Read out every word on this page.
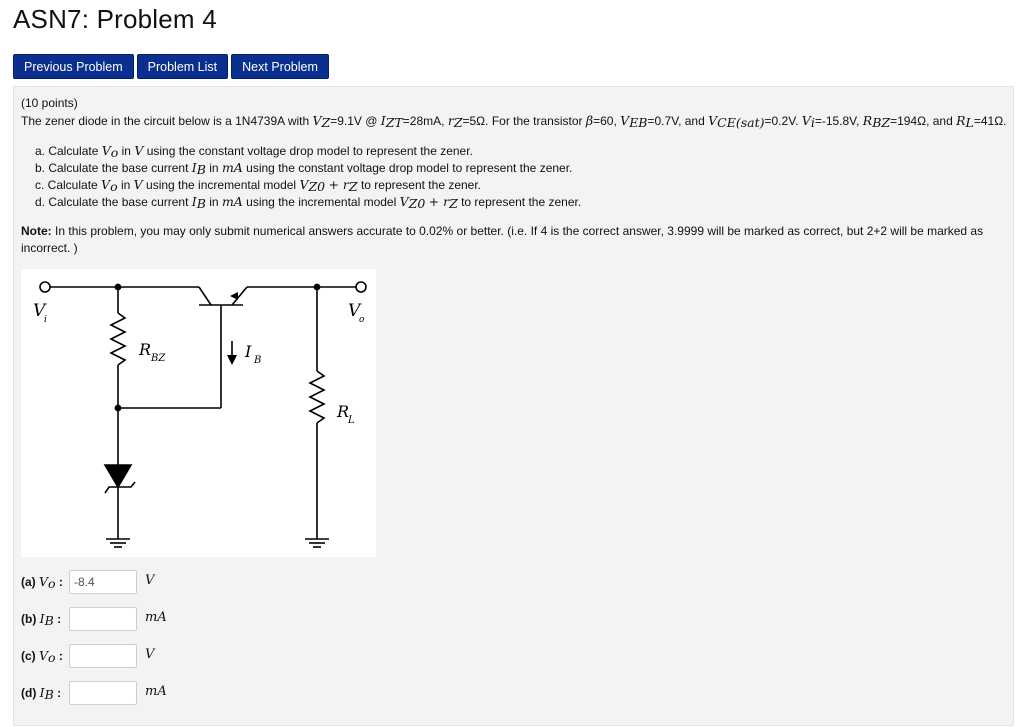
ASN7: Problem 4
Previous Problem	Problem List	Next Problem
(10 points)
The zener diode in the circuit below is a 1N4739A with $V_Z=9.1V$ @ $I_{ZT}=28mA$, $r_Z=5\Omega$. For the transistor β=60, $V_{EB}=0.7V$, and $V_{CE(sat)}=0.2V$. $V_i=-15.8V$, $R_{BZ}=194\Omega$, and $R_L=41\Omega$.
a. Calculate $V_o$ in V using the constant voltage drop model to represent the zener.
b. Calculate the base current $I_B$ in mA using the constant voltage drop model to represent the zener.
c. Calculate $V_o$ in V using the incremental model $V_{Z0} + r_Z$ to represent the zener.
d. Calculate the base current $I_B$ in mA using the incremental model $V_{Z0} + r_Z$ to represent the zener.
Note: In this problem, you may only submit numerical answers accurate to 0.02% or better. (i.e. If 4 is the correct answer, 3.9999 will be marked as correct, but 2+2 will be marked as
incorrect. )
V
i	V
o
R BZ	I B
R
L
(a) $V_o$ :
-8.4	V
(b) $I_B$ :	mA
(c) $V_o$ :	V
(d) $I_B$ :	mA
